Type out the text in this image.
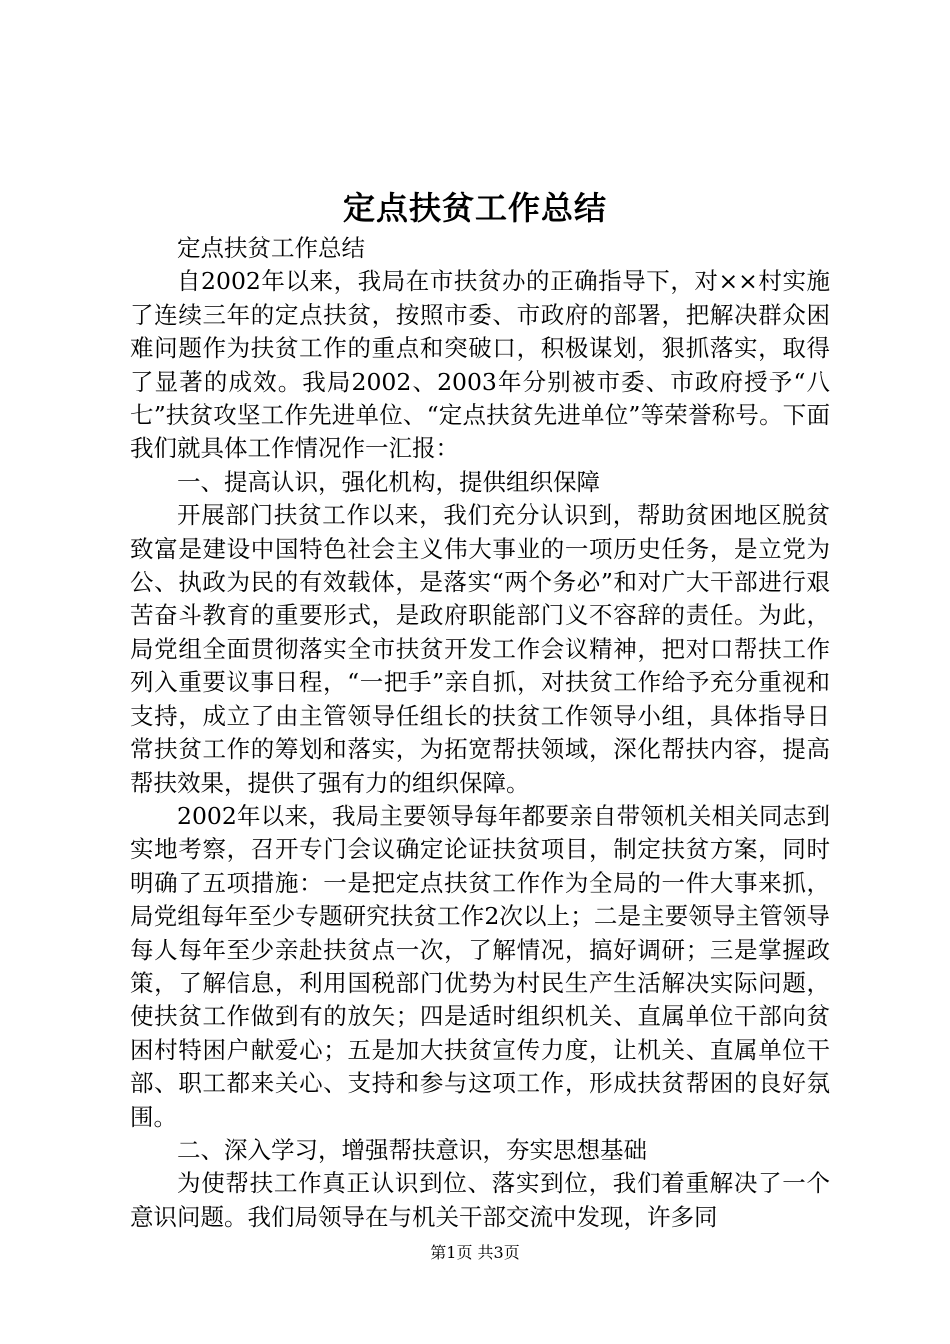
定点扶贫工作总结

定点扶贫工作总结

自2002年以来，我局在市扶贫办的正确指导下，对××村实施了连续三年的定点扶贫，按照市委、市政府的部署，把解决群众困难问题作为扶贫工作的重点和突破口，积极谋划，狠抓落实，取得了显著的成效。我局2002、2003年分别被市委、市政府授予“八七”扶贫攻坚工作先进单位、“定点扶贫先进单位”等荣誉称号。下面我们就具体工作情况作一汇报：

一、提高认识，强化机构，提供组织保障

开展部门扶贫工作以来，我们充分认识到，帮助贫困地区脱贫致富是建设中国特色社会主义伟大事业的一项历史任务，是立党为公、执政为民的有效载体，是落实“两个务必”和对广大干部进行艰苦奋斗教育的重要形式，是政府职能部门义不容辞的责任。为此，局党组全面贯彻落实全市扶贫开发工作会议精神，把对口帮扶工作列入重要议事日程，“一把手”亲自抓，对扶贫工作给予充分重视和支持，成立了由主管领导任组长的扶贫工作领导小组，具体指导日常扶贫工作的筹划和落实，为拓宽帮扶领域，深化帮扶内容，提高帮扶效果，提供了强有力的组织保障。

2002年以来，我局主要领导每年都要亲自带领机关相关同志到实地考察，召开专门会议确定论证扶贫项目，制定扶贫方案，同时明确了五项措施：一是把定点扶贫工作作为全局的一件大事来抓，局党组每年至少专题研究扶贫工作2次以上；二是主要领导主管领导每人每年至少亲赴扶贫点一次，了解情况，搞好调研；三是掌握政策，了解信息，利用国税部门优势为村民生产生活解决实际问题，使扶贫工作做到有的放矢；四是适时组织机关、直属单位干部向贫困村特困户献爱心；五是加大扶贫宣传力度，让机关、直属单位干部、职工都来关心、支持和参与这项工作，形成扶贫帮困的良好氛围。

二、深入学习，增强帮扶意识，夯实思想基础

为使帮扶工作真正认识到位、落实到位，我们着重解决了一个意识问题。我们局领导在与机关干部交流中发现，许多同

第1页 共3页
